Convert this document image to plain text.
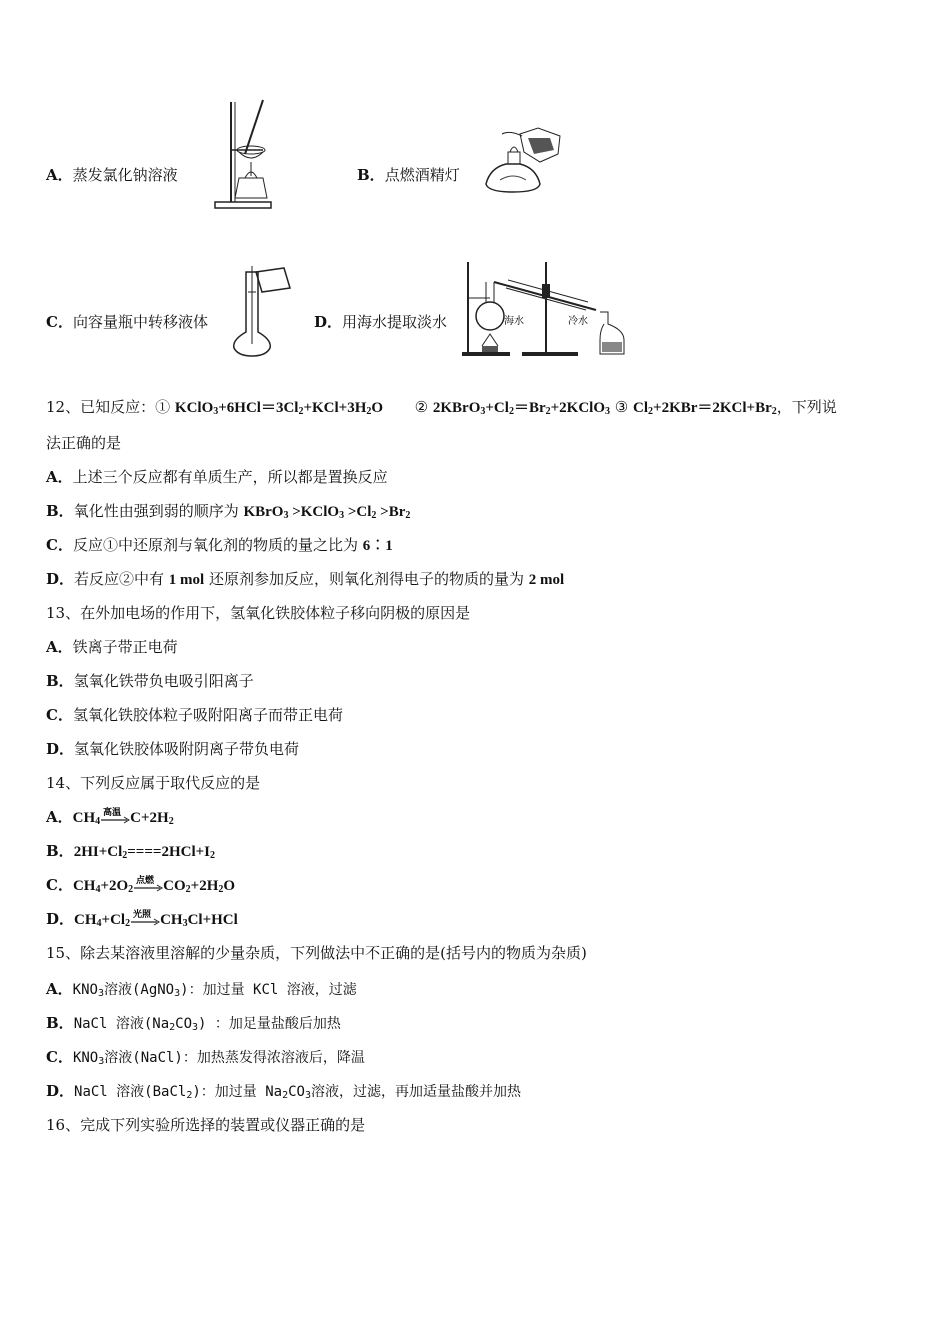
A．蒸发氯化钠溶液	B．点燃酒精灯
C．向容量瓶中转移液体	D．用海水提取淡水	海水	冷水
12、已知反应：① $KClO_3+6HCl=3Cl_2+KCl+3H_2O$ ② $2KBrO_3+Cl_2=Br_2+2KClO_3$ ③ $Cl_2+2KBr=2KCl+Br_2$，下列说
法正确的是
A．上述三个反应都有单质生产，所以都是置换反应
B．氧化性由强到弱的顺序为 KBrO$_3$ >KClO$_3$ $>Cl_2 >Br_2$
C．反应①中还原剂与氧化剂的物质的量之比为 6︰1
D．若反应②中有 1 mol 还原剂参加反应，则氧化剂得电子的物质的量为 2 mol
13、在外加电场的作用下，氢氧化铁胶体粒子移向阴极的原因是
A．铁离子带正电荷
B．氢氧化铁带负电吸引阳离子
C．氢氧化铁胶体粒子吸附阳离子而带正电荷
D．氢氧化铁胶体吸附阴离子带负电荷
14、下列反应属于取代反应的是
A．$CH_4$
高温 $C+2H_2$
B．$2HI+Cl_2====2HCl+I_2$
C．$CH_4+2O_2$
点燃 $CO_2+2H_2O$
D．$CH_4+Cl_2$
光照 $CH_3Cl+HCl$
15、除去某溶液里溶解的少量杂质，下列做法中不正确的是(括号内的物质为杂质)
A．$KNO_3$溶液(AgNO$_3$)：加过量 KCl 溶液，过滤
B．NaCl 溶液$(Na_2CO_3)$ ：加足量盐酸后加热
C．$KNO_3$溶液(NaCl)：加热蒸发得浓溶液后，降温
D．NaCl 溶液(BaCl$_2$)：加过量 $Na_2CO_3$溶液，过滤，再加适量盐酸并加热
16、完成下列实验所选择的装置或仪器正确的是
